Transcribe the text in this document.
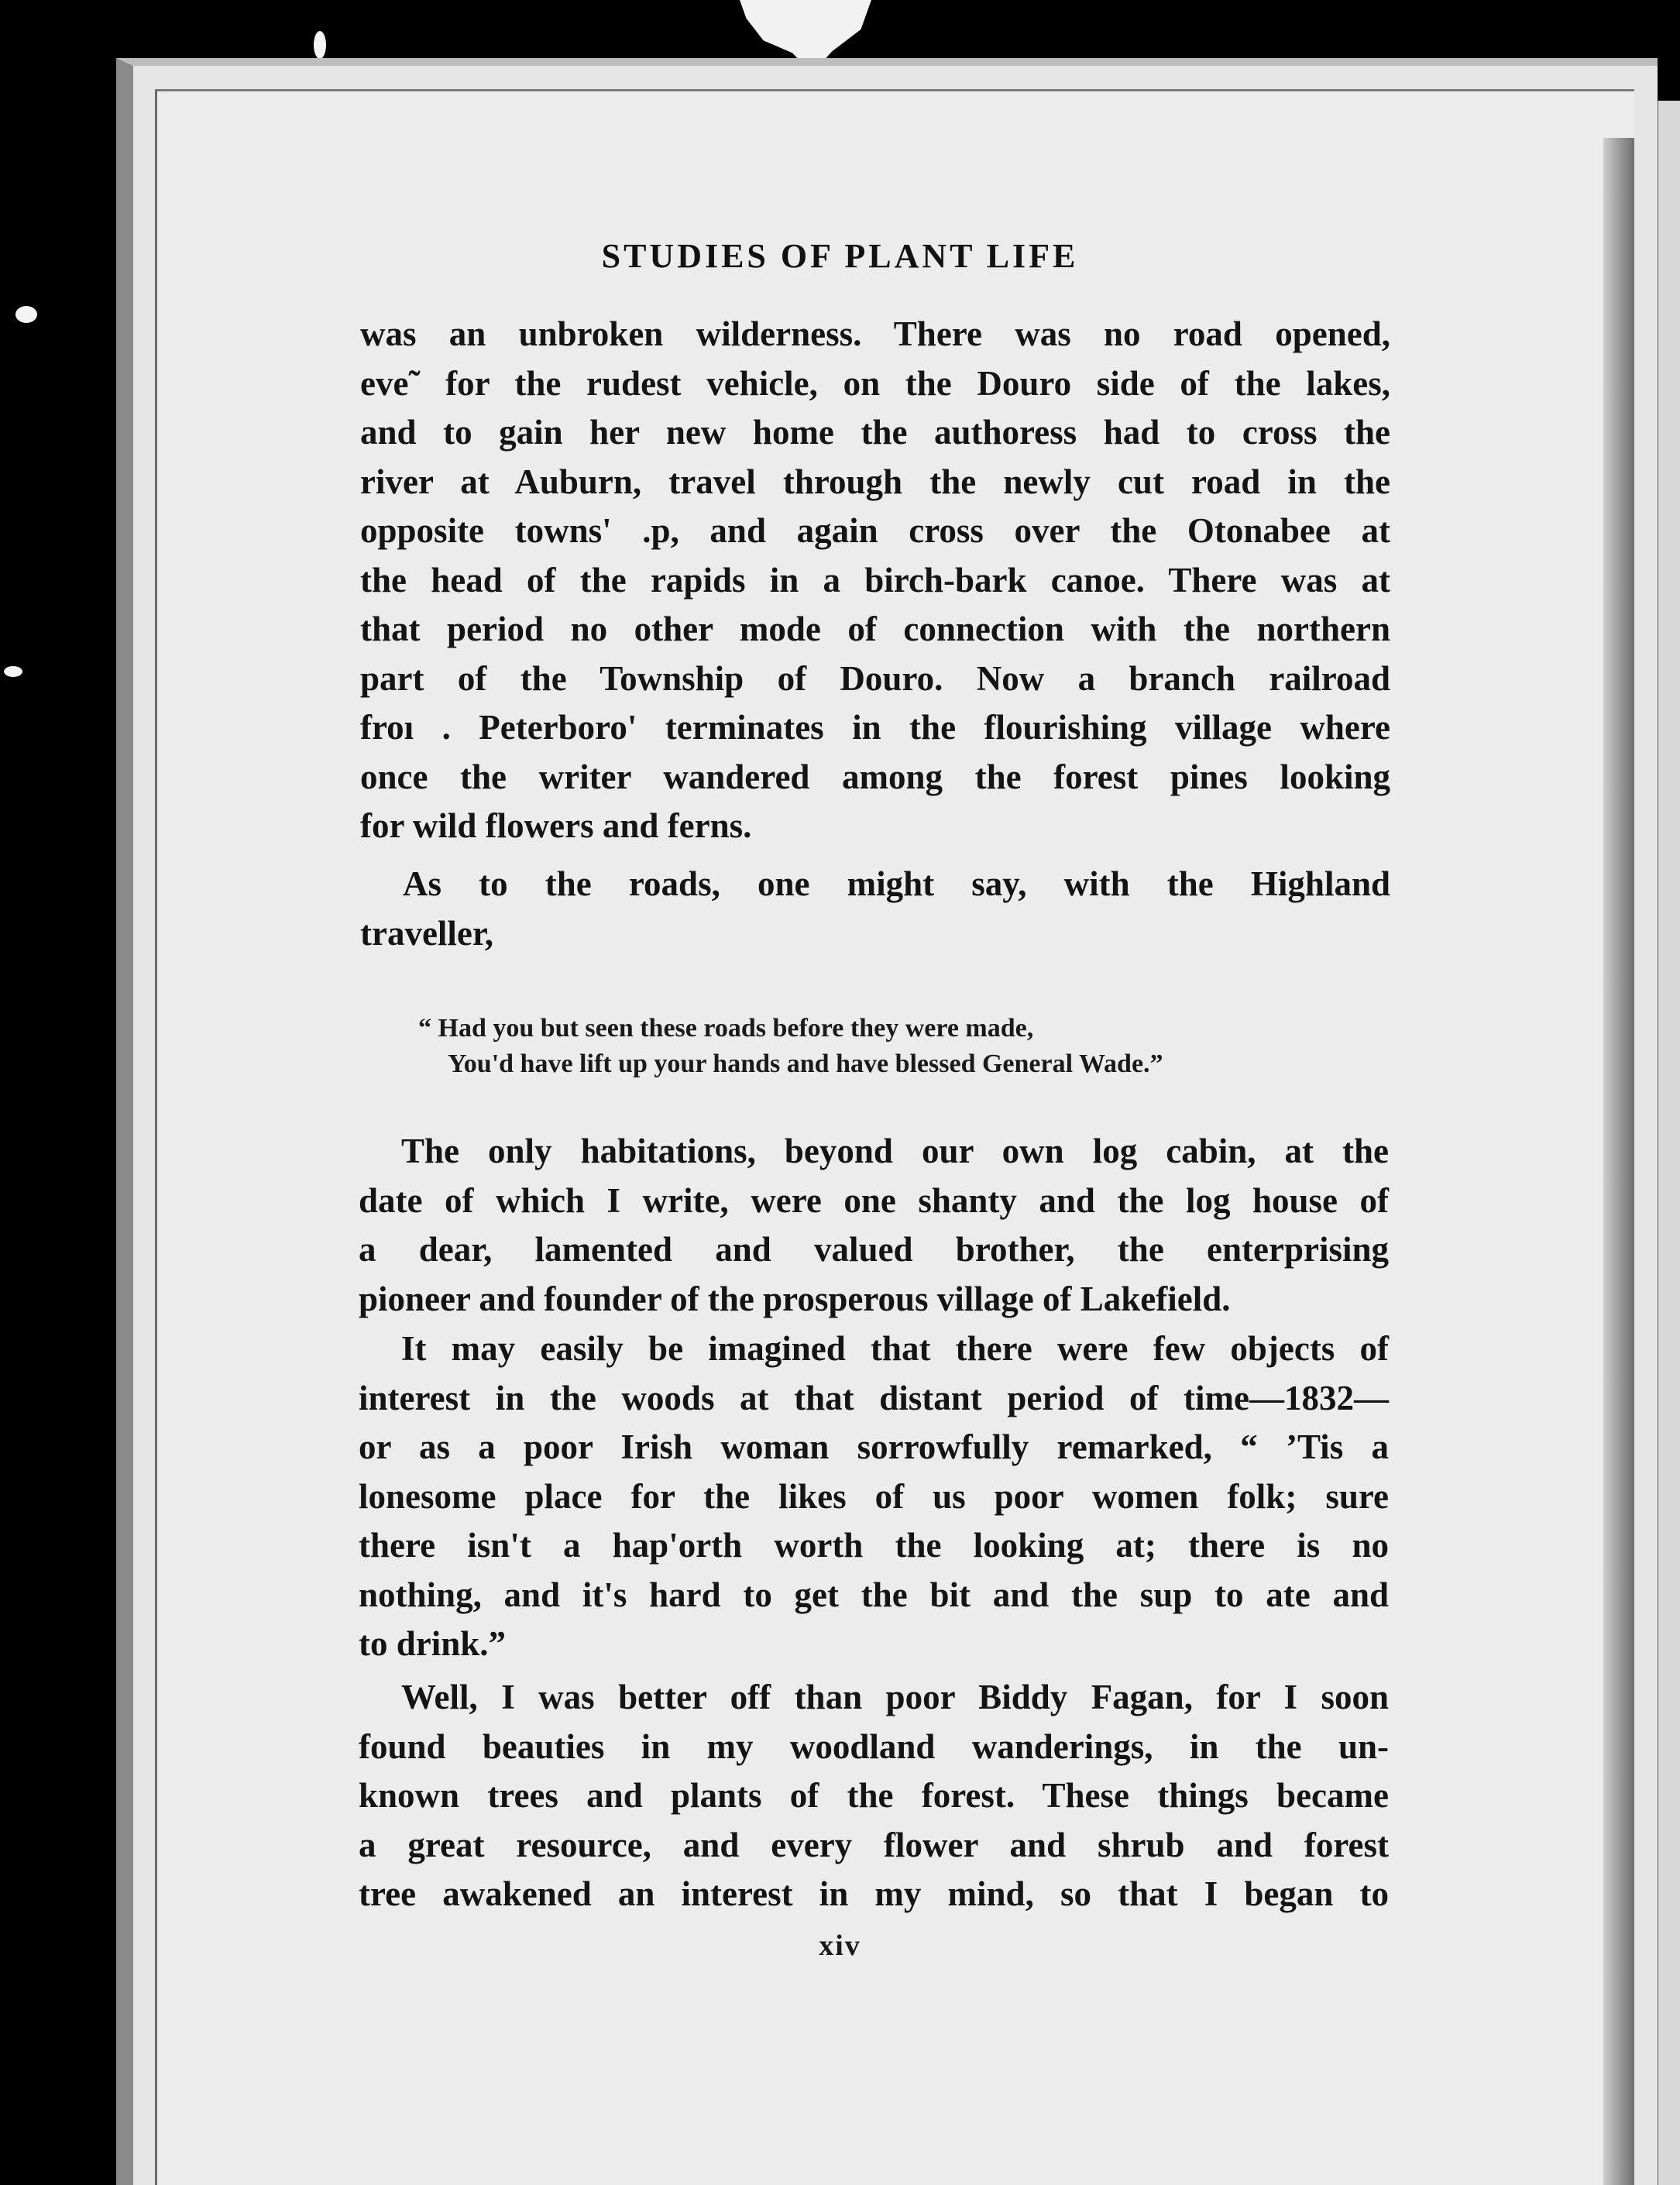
STUDIES OF PLANT LIFE
was an unbroken wilderness. There was no road opened,
eve˜ for the rudest vehicle, on the Douro side of the lakes,
and to gain her new home the authoress had to cross the
river at Auburn, travel through the newly cut road in the
opposite towns' .p, and again cross over the Otonabee at
the head of the rapids in a birch-bark canoe. There was at
that period no other mode of connection with the northern
part of the Township of Douro. Now a branch railroad
froı . Peterboro' terminates in the flourishing village where
once the writer wandered among the forest pines looking
for wild flowers and ferns.
As to the roads, one might say, with the Highland
traveller,
“ Had you but seen these roads before they were made,
You'd have lift up your hands and have blessed General Wade.”
The only habitations, beyond our own log cabin, at the
date of which I write, were one shanty and the log house of
a dear, lamented and valued brother, the enterprising
pioneer and founder of the prosperous village of Lakefield.
It may easily be imagined that there were few objects of
interest in the woods at that distant period of time—1832—
or as a poor Irish woman sorrowfully remarked, “ ’Tis a
lonesome place for the likes of us poor women folk; sure
there isn't a hap'orth worth the looking at; there is no
nothing, and it's hard to get the bit and the sup to ate and
to drink.”
Well, I was better off than poor Biddy Fagan, for I soon
found beauties in my woodland wanderings, in the un-
known trees and plants of the forest. These things became
a great resource, and every flower and shrub and forest
tree awakened an interest in my mind, so that I began to
xiv
